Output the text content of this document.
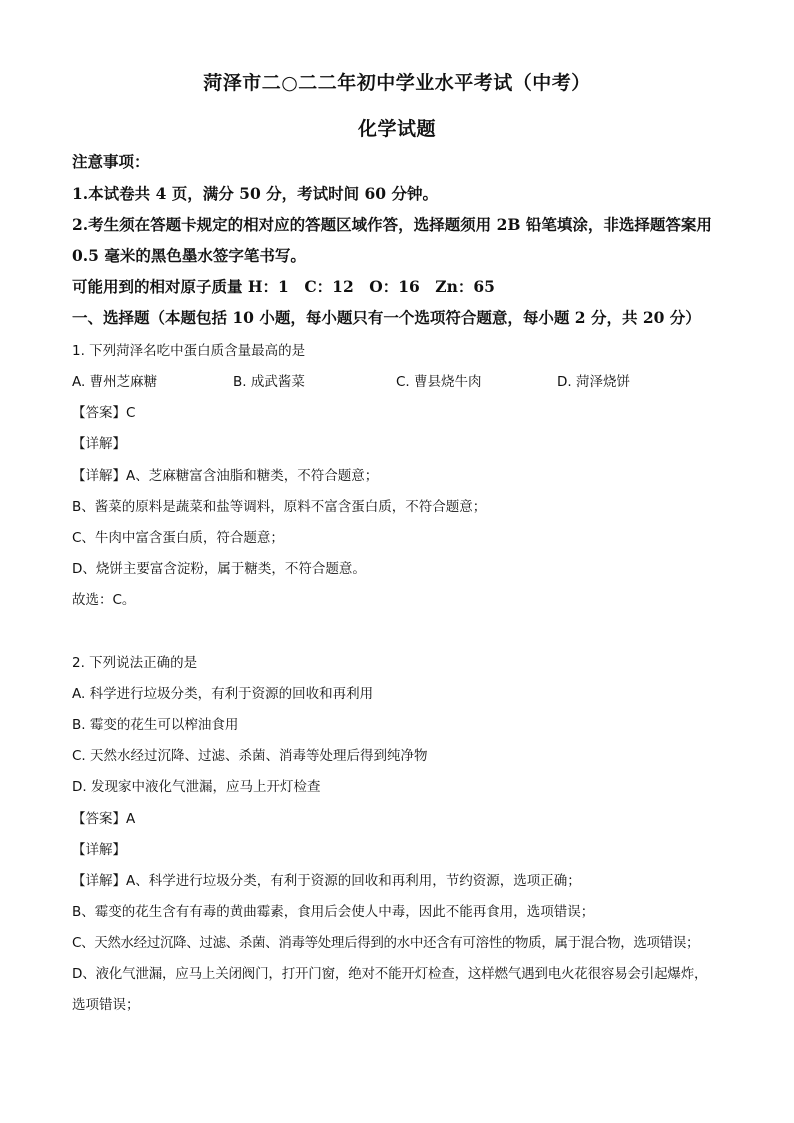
菏泽市二○二二年初中学业水平考试（中考）
化学试题
注意事项：
1.本试卷共 4 页，满分 50 分，考试时间 60 分钟。
2.考生须在答题卡规定的相对应的答题区域作答，选择题须用 2B 铅笔填涂，非选择题答案用
0.5 毫米的黑色墨水签字笔书写。
可能用到的相对原子质量 H：1　C：12　O：16　Zn：65
一、选择题（本题包括 10 小题，每小题只有一个选项符合题意，每小题 2 分，共 20 分）
1. 下列菏泽名吃中蛋白质含量最高的是
A. 曹州芝麻糖	B. 成武酱菜	C. 曹县烧牛肉	D. 菏泽烧饼
【答案】C
【详解】
【详解】A、芝麻糖富含油脂和糖类，不符合题意；
B、酱菜的原料是蔬菜和盐等调料，原料不富含蛋白质，不符合题意；
C、牛肉中富含蛋白质，符合题意；
D、烧饼主要富含淀粉，属于糖类，不符合题意。
故选：C。
2. 下列说法正确的是
A. 科学进行垃圾分类，有利于资源的回收和再利用
B. 霉变的花生可以榨油食用
C. 天然水经过沉降、过滤、杀菌、消毒等处理后得到纯净物
D. 发现家中液化气泄漏，应马上开灯检查
【答案】A
【详解】
【详解】A、科学进行垃圾分类，有利于资源的回收和再利用，节约资源，选项正确；
B、霉变的花生含有有毒的黄曲霉素，食用后会使人中毒，因此不能再食用，选项错误；
C、天然水经过沉降、过滤、杀菌、消毒等处理后得到的水中还含有可溶性的物质，属于混合物，选项错误；
D、液化气泄漏，应马上关闭阀门，打开门窗，绝对不能开灯检查，这样燃气遇到电火花很容易会引起爆炸，
选项错误；
